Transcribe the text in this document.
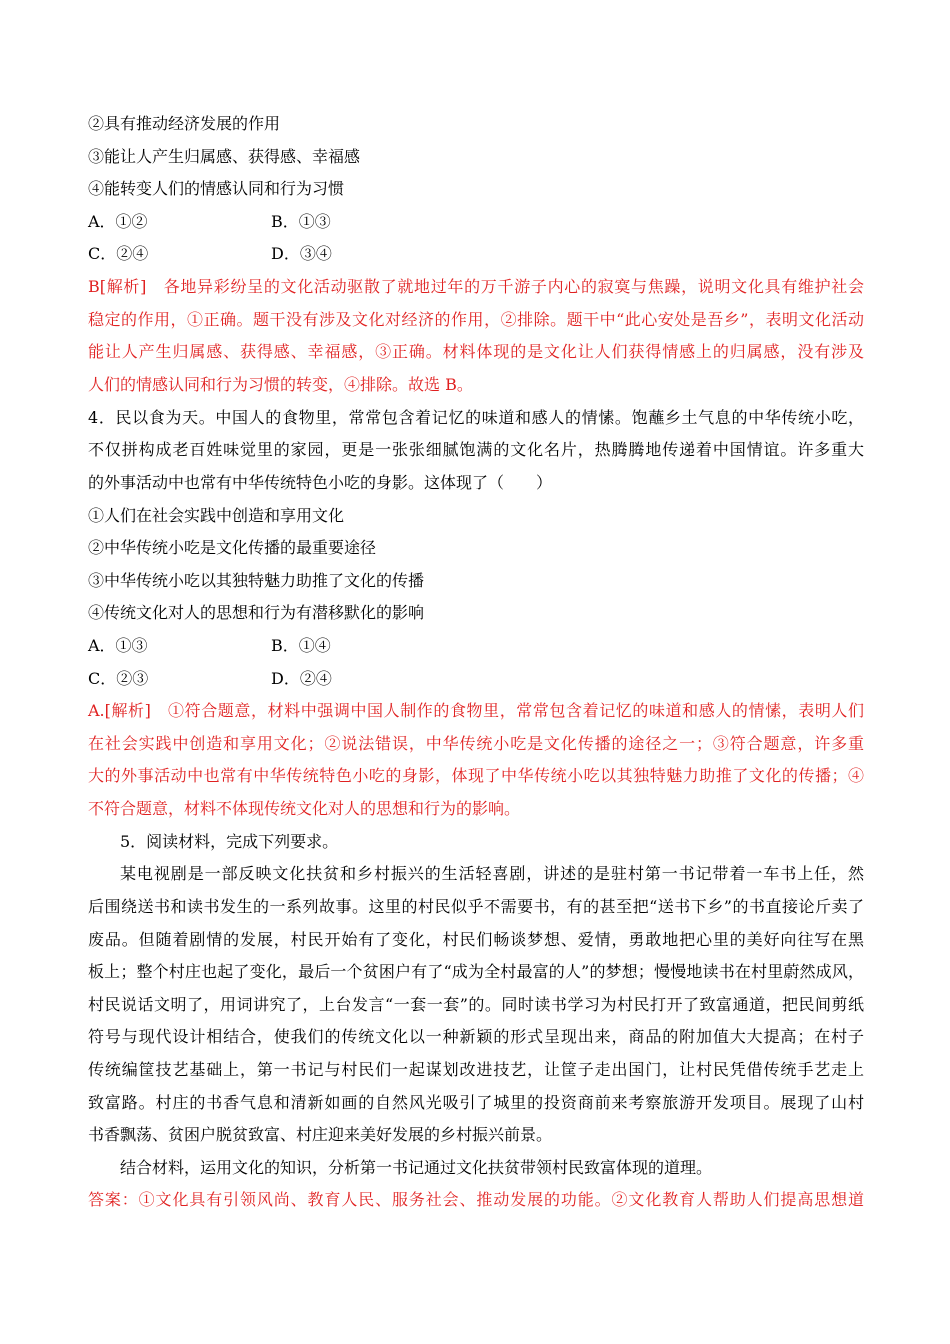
②具有推动经济发展的作用
③能让人产生归属感、获得感、幸福感
④能转变人们的情感认同和行为习惯
A．①②	B．①③
C．②④	D．③④
B[解析]　各地异彩纷呈的文化活动驱散了就地过年的万千游子内心的寂寞与焦躁，说明文化具有维护社会
稳定的作用，①正确。题干没有涉及文化对经济的作用，②排除。题干中“此心安处是吾乡”，表明文化活动
能让人产生归属感、获得感、幸福感，③正确。材料体现的是文化让人们获得情感上的归属感，没有涉及
人们的情感认同和行为习惯的转变，④排除。故选 B。
4．民以食为天。中国人的食物里，常常包含着记忆的味道和感人的情愫。饱蘸乡土气息的中华传统小吃，
不仅拼构成老百姓味觉里的家园，更是一张张细腻饱满的文化名片，热腾腾地传递着中国情谊。许多重大
的外事活动中也常有中华传统特色小吃的身影。这体现了（　　）
①人们在社会实践中创造和享用文化
②中华传统小吃是文化传播的最重要途径
③中华传统小吃以其独特魅力助推了文化的传播
④传统文化对人的思想和行为有潜移默化的影响
A．①③	B．①④
C．②③	D．②④
A.[解析]　①符合题意，材料中强调中国人制作的食物里，常常包含着记忆的味道和感人的情愫，表明人们
在社会实践中创造和享用文化；②说法错误，中华传统小吃是文化传播的途径之一；③符合题意，许多重
大的外事活动中也常有中华传统特色小吃的身影，体现了中华传统小吃以其独特魅力助推了文化的传播；④
不符合题意，材料不体现传统文化对人的思想和行为的影响。
5．阅读材料，完成下列要求。
某电视剧是一部反映文化扶贫和乡村振兴的生活轻喜剧，讲述的是驻村第一书记带着一车书上任，然
后围绕送书和读书发生的一系列故事。这里的村民似乎不需要书，有的甚至把“送书下乡”的书直接论斤卖了
废品。但随着剧情的发展，村民开始有了变化，村民们畅谈梦想、爱情，勇敢地把心里的美好向往写在黑
板上；整个村庄也起了变化，最后一个贫困户有了“成为全村最富的人”的梦想；慢慢地读书在村里蔚然成风，
村民说话文明了，用词讲究了，上台发言“一套一套”的。同时读书学习为村民打开了致富通道，把民间剪纸
符号与现代设计相结合，使我们的传统文化以一种新颖的形式呈现出来，商品的附加值大大提高；在村子
传统编筐技艺基础上，第一书记与村民们一起谋划改进技艺，让筐子走出国门，让村民凭借传统手艺走上
致富路。村庄的书香气息和清新如画的自然风光吸引了城里的投资商前来考察旅游开发项目。展现了山村
书香飘荡、贫困户脱贫致富、村庄迎来美好发展的乡村振兴前景。
结合材料，运用文化的知识，分析第一书记通过文化扶贫带领村民致富体现的道理。
答案：①文化具有引领风尚、教育人民、服务社会、推动发展的功能。②文化教育人帮助人们提高思想道
